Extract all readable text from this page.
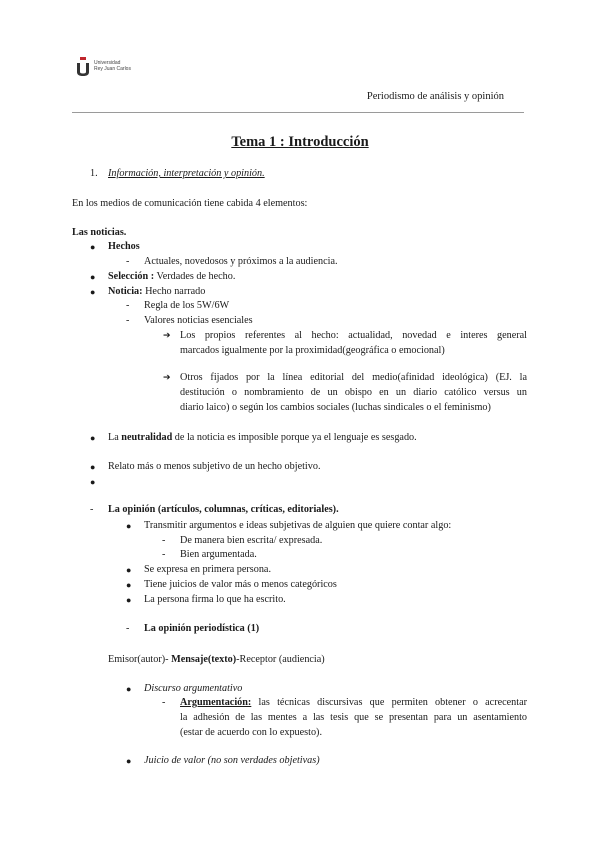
Universidad
Rey Juan Carlos
Periodismo de análisis y opinión
Tema 1 : Introducción
1. Información, interpretación y opinión.
En los medios de comunicación tiene cabida 4 elementos:
Las noticias.
● Hechos
- Actuales, novedosos y próximos a la audiencia.
● Selección : Verdades de hecho.
● Noticia: Hecho narrado
- Regla de los 5W/6W
- Valores noticias esenciales
➔ Los propios referentes al hecho: actualidad, novedad e interes general
marcados igualmente por la proximidad(geográfica o emocional)
➔ Otros fijados por la línea editorial del medio(afinidad ideológica) (EJ. la
destitución o nombramiento de un obispo en un diario católico versus un
diario laico) o según los cambios sociales (luchas sindicales o el feminismo)
● La neutralidad de la noticia es imposible porque ya el lenguaje es sesgado.
● Relato más o menos subjetivo de un hecho objetivo.
●
- La opinión (artículos, columnas, críticas, editoriales).
● Transmitir argumentos e ideas subjetivas de alguien que quiere contar algo:
- De manera bien escrita/ expresada.
- Bien argumentada.
● Se expresa en primera persona.
● Tiene juicios de valor más o menos categóricos
● La persona firma lo que ha escrito.
- La opinión periodística (1)
Emisor(autor)- Mensaje(texto)-Receptor (audiencia)
● Discurso argumentativo
- Argumentación: las técnicas discursivas que permiten obtener o acrecentar
la adhesión de las mentes a las tesis que se presentan para un asentamiento
(estar de acuerdo con lo expuesto).
● Juicio de valor (no son verdades objetivas)
